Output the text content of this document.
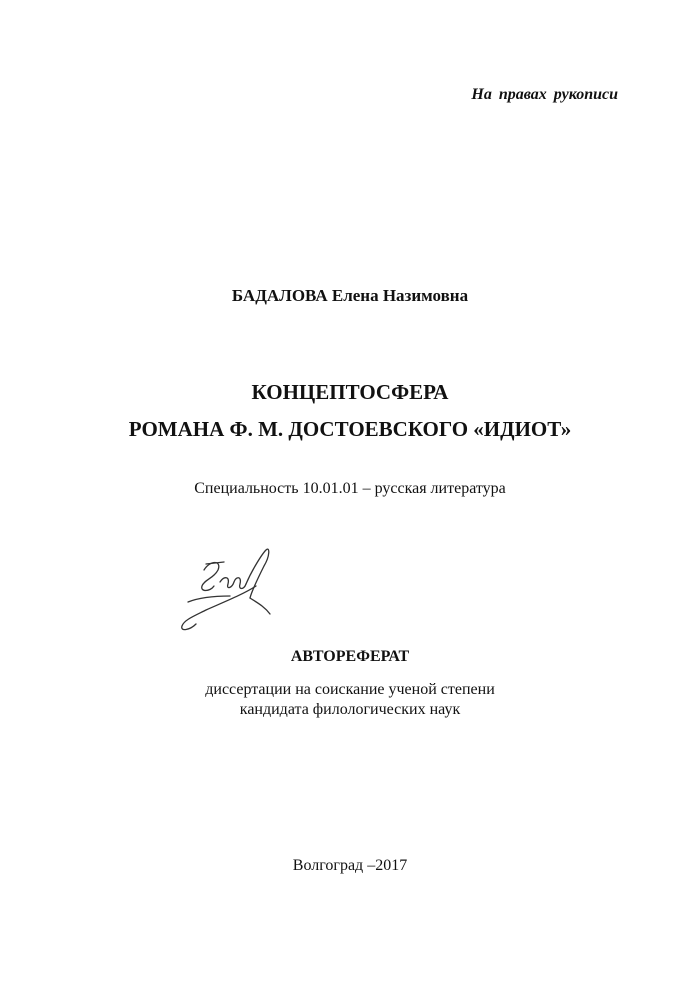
На правах рукописи
БАДАЛОВА Елена Назимовна
КОНЦЕПТОСФЕРА
РОМАНА Ф. М. ДОСТОЕВСКОГО «ИДИОТ»
Специальность 10.01.01 – русская литература
АВТОРЕФЕРАТ
диссертации на соискание ученой степени
кандидата филологических наук
Волгоград –2017
